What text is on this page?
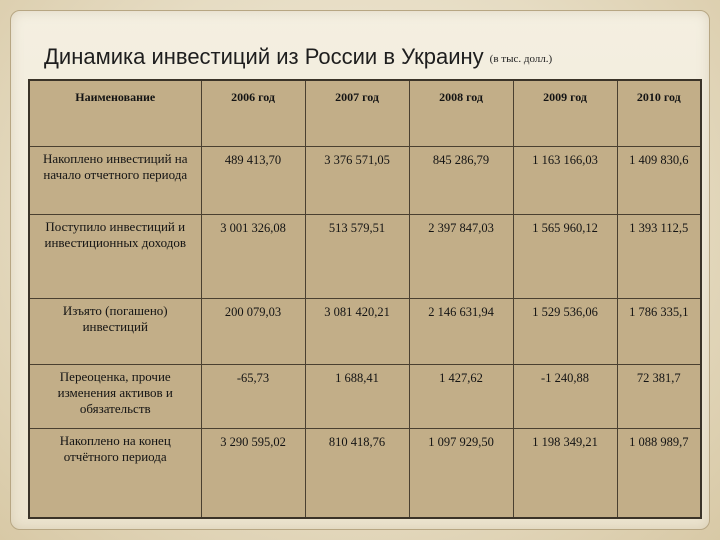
Динамика инвестиций из России в Украину (в тыс. долл.)
Наименование	2006 год	2007 год	2008 год	2009 год	2010 год
Накоплено инвестиций на начало отчетного периода	489 413,70	3 376 571,05	845 286,79	1 163 166,03	1 409 830,6
Поступило инвестиций и инвестиционных доходов	3 001 326,08	513 579,51	2 397 847,03	1 565 960,12	1 393 112,5
Изъято (погашено) инвестиций	200 079,03	3 081 420,21	2 146 631,94	1 529 536,06	1 786 335,1
Переоценка, прочие изменения активов и обязательств	-65,73	1 688,41	1 427,62	-1 240,88	72 381,7
Накоплено на конец отчётного периода	3 290 595,02	810 418,76	1 097 929,50	1 198 349,21	1 088 989,7
